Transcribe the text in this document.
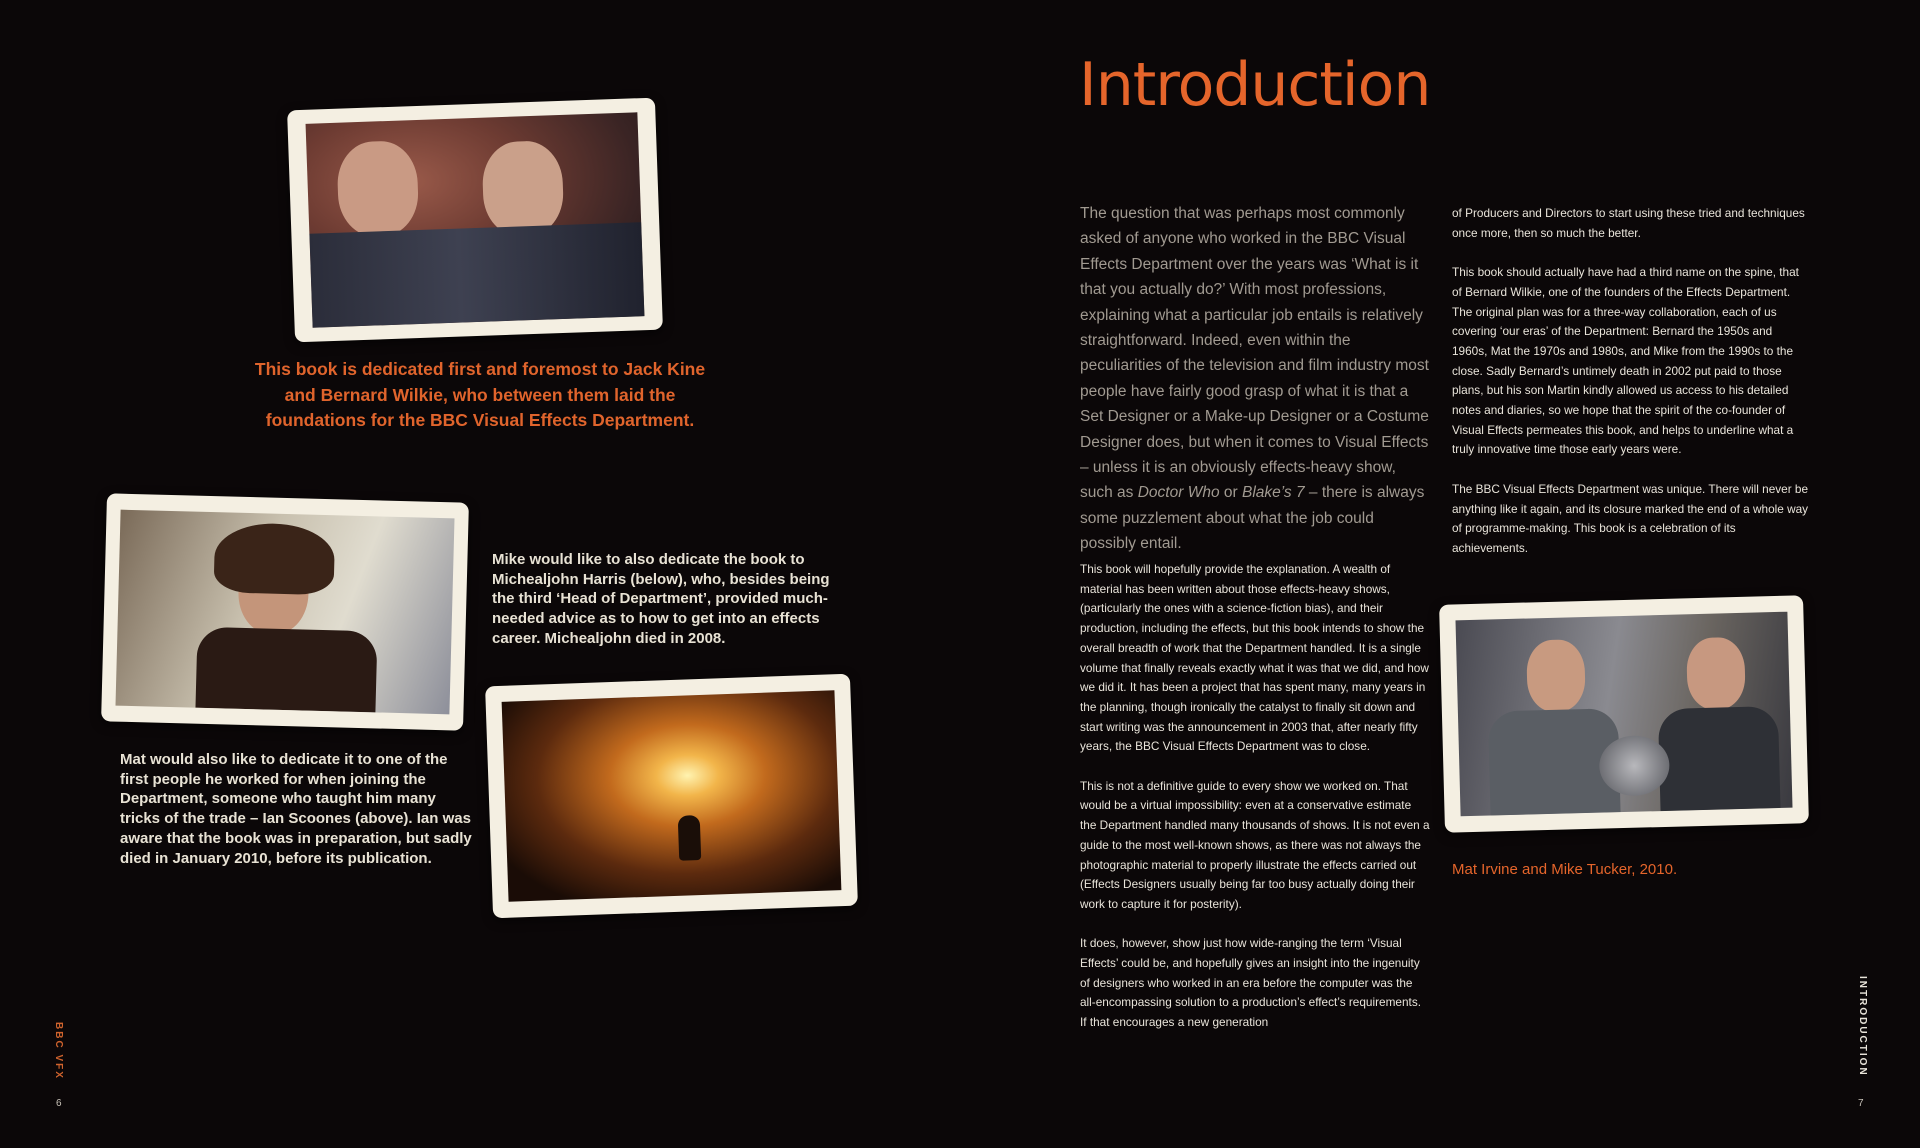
This book is dedicated first and foremost to Jack Kine and Bernard Wilkie, who between them laid the foundations for the BBC Visual Effects Department.
Mike would like to also dedicate the book to Michealjohn Harris (below), who, besides being the third ‘Head of Department’, provided much-needed advice as to how to get into an effects career. Michealjohn died in 2008.
Mat would also like to dedicate it to one of the first people he worked for when joining the Department, someone who taught him many tricks of the trade – Ian Scoones (above). Ian was aware that the book was in preparation, but sadly died in January 2010, before its publication.
BBC VFX
6
Introduction
The question that was perhaps most commonly asked of anyone who worked in the BBC Visual Effects Department over the years was ‘What is it that you actually do?’ With most professions, explaining what a particular job entails is relatively straightforward. Indeed, even within the peculiarities of the television and film industry most people have fairly good grasp of what it is that a Set Designer or a Make-up Designer or a Costume Designer does, but when it comes to Visual Effects – unless it is an obviously effects-heavy show, such as Doctor Who or Blake’s 7 – there is always some puzzlement about what the job could possibly entail.

This book will hopefully provide the explanation. A wealth of material has been written about those effects-heavy shows, (particularly the ones with a science-fiction bias), and their production, including the effects, but this book intends to show the overall breadth of work that the Department handled. It is a single volume that finally reveals exactly what it was that we did, and how we did it. It has been a project that has spent many, many years in the planning, though ironically the catalyst to finally sit down and start writing was the announcement in 2003 that, after nearly fifty years, the BBC Visual Effects Department was to close.

This is not a definitive guide to every show we worked on. That would be a virtual impossibility: even at a conservative estimate the Department handled many thousands of shows. It is not even a guide to the most well-known shows, as there was not always the photographic material to properly illustrate the effects carried out (Effects Designers usually being far too busy actually doing their work to capture it for posterity).

It does, however, show just how wide-ranging the term ‘Visual Effects’ could be, and hopefully gives an insight into the ingenuity of designers who worked in an era before the computer was the all-encompassing solution to a production’s effect’s requirements. If that encourages a new generation

of Producers and Directors to start using these tried and techniques once more, then so much the better.

This book should actually have had a third name on the spine, that of Bernard Wilkie, one of the founders of the Effects Department. The original plan was for a three-way collaboration, each of us covering ‘our eras’ of the Department: Bernard the 1950s and 1960s, Mat the 1970s and 1980s, and Mike from the 1990s to the close. Sadly Bernard’s untimely death in 2002 put paid to those plans, but his son Martin kindly allowed us access to his detailed notes and diaries, so we hope that the spirit of the co-founder of Visual Effects permeates this book, and helps to underline what a truly innovative time those early years were.

The BBC Visual Effects Department was unique. There will never be anything like it again, and its closure marked the end of a whole way of programme-making. This book is a celebration of its achievements.

Mat Irvine and Mike Tucker, 2010.
INTRODUCTION
7
